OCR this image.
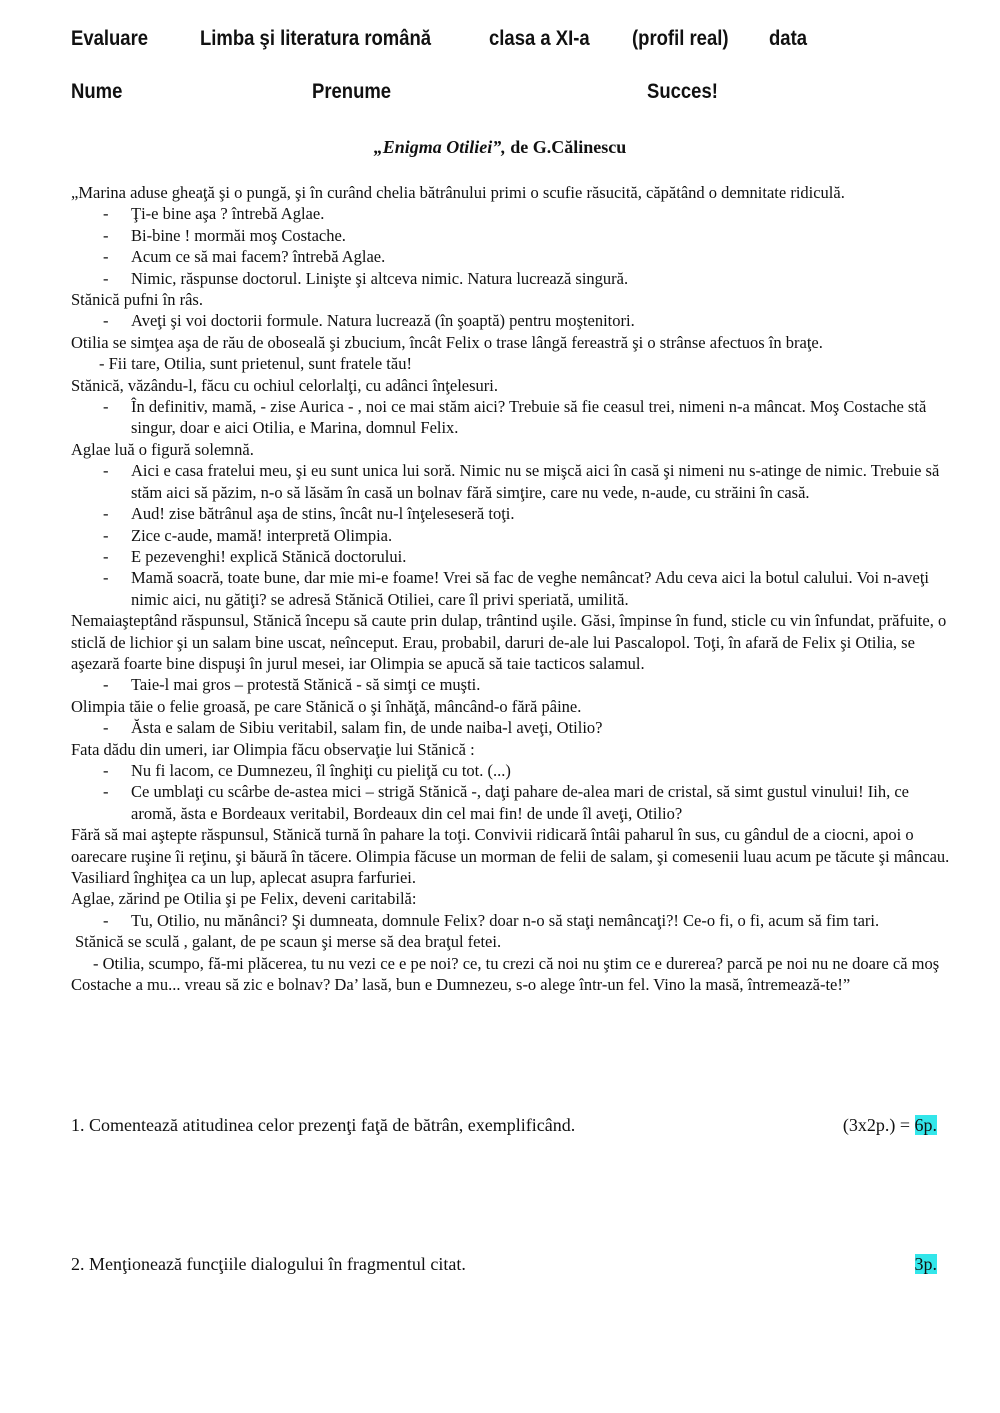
Evaluare Limba şi literatura română	clasa a XI-a (profil real) data
Nume	Prenume	Succes!
„Enigma Otiliei”, de G.Călinescu
„Marina aduse gheaţă şi o pungă, şi în curând chelia bătrânului primi o scufie răsucită, căpătând o demnitate ridiculă.
- Ţi-e bine aşa ? întrebă Aglae.
- Bi-bine ! mormăi moş Costache.
- Acum ce să mai facem? întrebă Aglae.
- Nimic, răspunse doctorul. Linişte şi altceva nimic. Natura lucrează singură.
Stănică pufni în râs.
- Aveţi şi voi doctorii formule. Natura lucrează (în şoaptă) pentru moştenitori.
Otilia se simţea aşa de rău de oboseală şi zbucium, încât Felix o trase lângă fereastră şi o strânse afectuos în braţe.
- Fii tare, Otilia, sunt prietenul, sunt fratele tău!
Stănică, văzându-l, făcu cu ochiul celorlalţi, cu adânci înţelesuri.
- În definitiv, mamă, - zise Aurica - , noi ce mai stăm aici? Trebuie să fie ceasul trei, nimeni n-a mâncat. Moş Costache stă singur, doar e aici Otilia, e Marina, domnul Felix.
Aglae luă o figură solemnă.
- Aici e casa fratelui meu, şi eu sunt unica lui soră. Nimic nu se mişcă aici în casă şi nimeni nu s-atinge de nimic. Trebuie să stăm aici să păzim, n-o să lăsăm în casă un bolnav fără simţire, care nu vede, n-aude, cu străini în casă.
- Aud! zise bătrânul aşa de stins, încât nu-l înţeleseseră toţi.
- Zice c-aude, mamă! interpretă Olimpia.
- E pezevenghi! explică Stănică doctorului.
- Mamă soacră, toate bune, dar mie mi-e foame! Vrei să fac de veghe nemâncat? Adu ceva aici la botul calului. Voi n-aveţi nimic aici, nu gătiţi? se adresă Stănică Otiliei, care îl privi speriată, umilită.
Nemaiaşteptând răspunsul, Stănică începu să caute prin dulap, trântind uşile. Găsi, împinse în fund, sticle cu vin înfundat, prăfuite, o sticlă de lichior şi un salam bine uscat, neînceput. Erau, probabil, daruri de-ale lui Pascalopol. Toţi, în afară de Felix şi Otilia, se aşezară foarte bine dispuşi în jurul mesei, iar Olimpia se apucă să taie tacticos salamul.
- Taie-l mai gros – protestă Stănică - să simţi ce muşti.
Olimpia tăie o felie groasă, pe care Stănică o şi înhăţă, mâncând-o fără pâine.
- Ăsta e salam de Sibiu veritabil, salam fin, de unde naiba-l aveţi, Otilio?
Fata dădu din umeri, iar Olimpia făcu observaţie lui Stănică :
- Nu fi lacom, ce Dumnezeu, îl înghiţi cu pieliţă cu tot. (...)
- Ce umblaţi cu scârbe de-astea mici – strigă Stănică -, daţi pahare de-alea mari de cristal, să simt gustul vinului! Iih, ce aromă, ăsta e Bordeaux veritabil, Bordeaux din cel mai fin! de unde îl aveţi, Otilio?
Fără să mai aştepte răspunsul, Stănică turnă în pahare la toţi. Convivii ridicară întâi paharul în sus, cu gândul de a ciocni, apoi o oarecare ruşine îi reţinu, şi băură în tăcere. Olimpia făcuse un morman de felii de salam, şi comesenii luau acum pe tăcute şi mâncau. Vasiliard înghiţea ca un lup, aplecat asupra farfuriei.
Aglae, zărind pe Otilia şi pe Felix, deveni caritabilă:
- Tu, Otilio, nu mănânci? Şi dumneata, domnule Felix? doar n-o să staţi nemâncaţi?! Ce-o fi, o fi, acum să fim tari.
Stănică se sculă , galant, de pe scaun şi merse să dea braţul fetei.
- Otilia, scumpo, fă-mi plăcerea, tu nu vezi ce e pe noi? ce, tu crezi că noi nu ştim ce e durerea? parcă pe noi nu ne doare că moş Costache a mu... vreau să zic e bolnav? Da’ lasă, bun e Dumnezeu, s-o alege într-un fel. Vino la masă, întremează-te!”
1. Comentează atitudinea celor prezenţi faţă de bătrân, exemplificând.	(3x2p.) = 6p.
2. Menţionează funcţiile dialogului în fragmentul citat.	3p.
